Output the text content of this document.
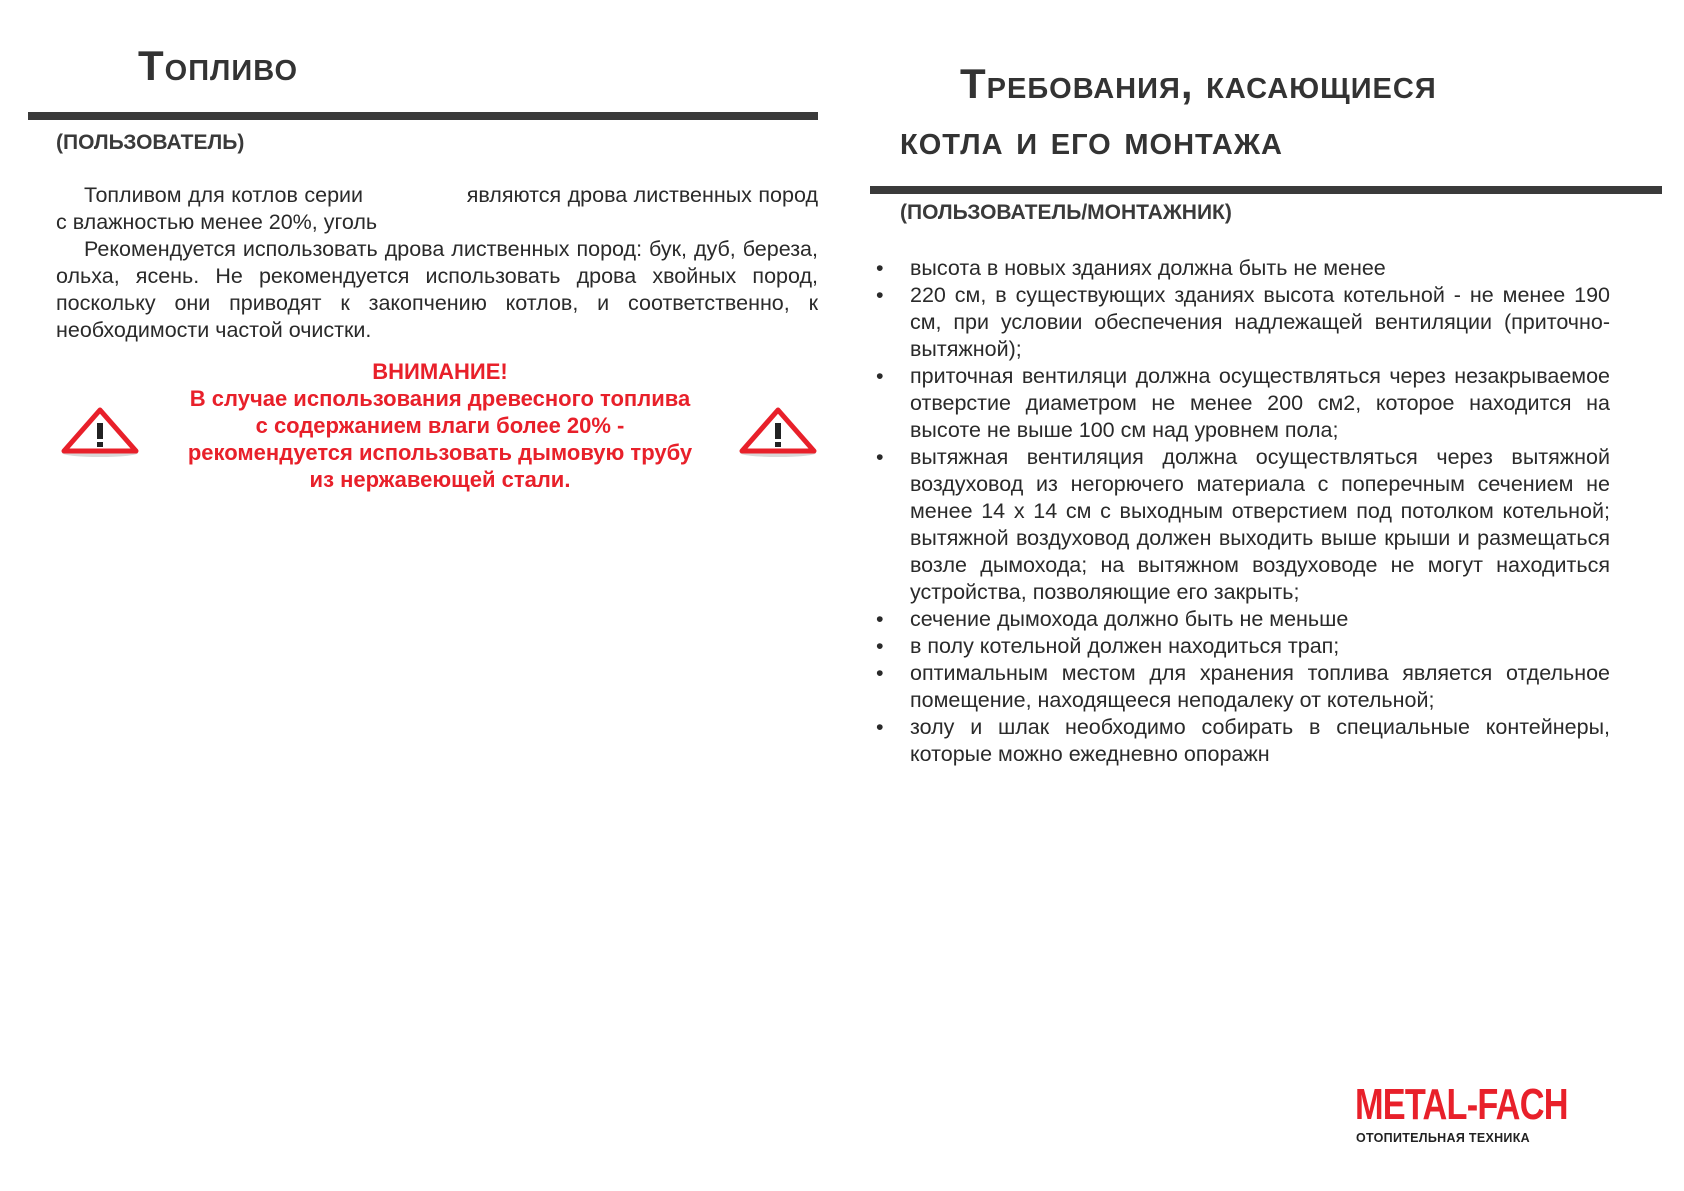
Топливо
(ПОЛЬЗОВАТЕЛЬ)

Топливом для котлов серии                являются дрова лиственных пород с влажностью менее 20%, уголь

Рекомендуется использовать дрова лиственных пород: бук, дуб, береза, ольха, ясень. Не рекомендуется использовать дрова хвойных пород, поскольку они приводят к закопчению котлов, и соответственно, к необходимости частой очистки.

ВНИМАНИЕ!
В случае использования древесного топлива
с содержанием влаги более 20% -
рекомендуется использовать дымовую трубу
из нержавеющей стали.
Требования, касающиеся
котла и его монтажа
(ПОЛЬЗОВАТЕЛЬ/МОНТАЖНИК)
•	высота в новых зданиях должна быть не менее
•	220 см, в существующих зданиях высота котельной - не менее 190 см, при условии обеспечения надлежащей вентиляции (приточно-вытяжной);
•	приточная вентиляци должна осуществляться через незакрываемое отверстие диаметром не менее 200 см2, которое находится на высоте не выше 100 см над уровнем пола;
•	вытяжная вентиляция должна осуществляться через вытяжной воздуховод из негорючего материала с поперечным сечением не менее 14 х 14 см с выходным отверстием под потолком котельной; вытяжной воздуховод должен выходить выше крыши и размещаться возле дымохода; на вытяжном воздуховоде не могут находиться устройства, позволяющие его закрыть;
•	сечение дымохода должно быть не меньше
•	в полу котельной должен находиться трап;
•	оптимальным местом для хранения топлива является отдельное помещение, находящееся неподалеку от котельной;
•	золу и шлак необходимо собирать в специальные контейнеры, которые можно ежедневно опоражн
METAL-FACH
ОТОПИТЕЛЬНАЯ ТЕХНИКА
